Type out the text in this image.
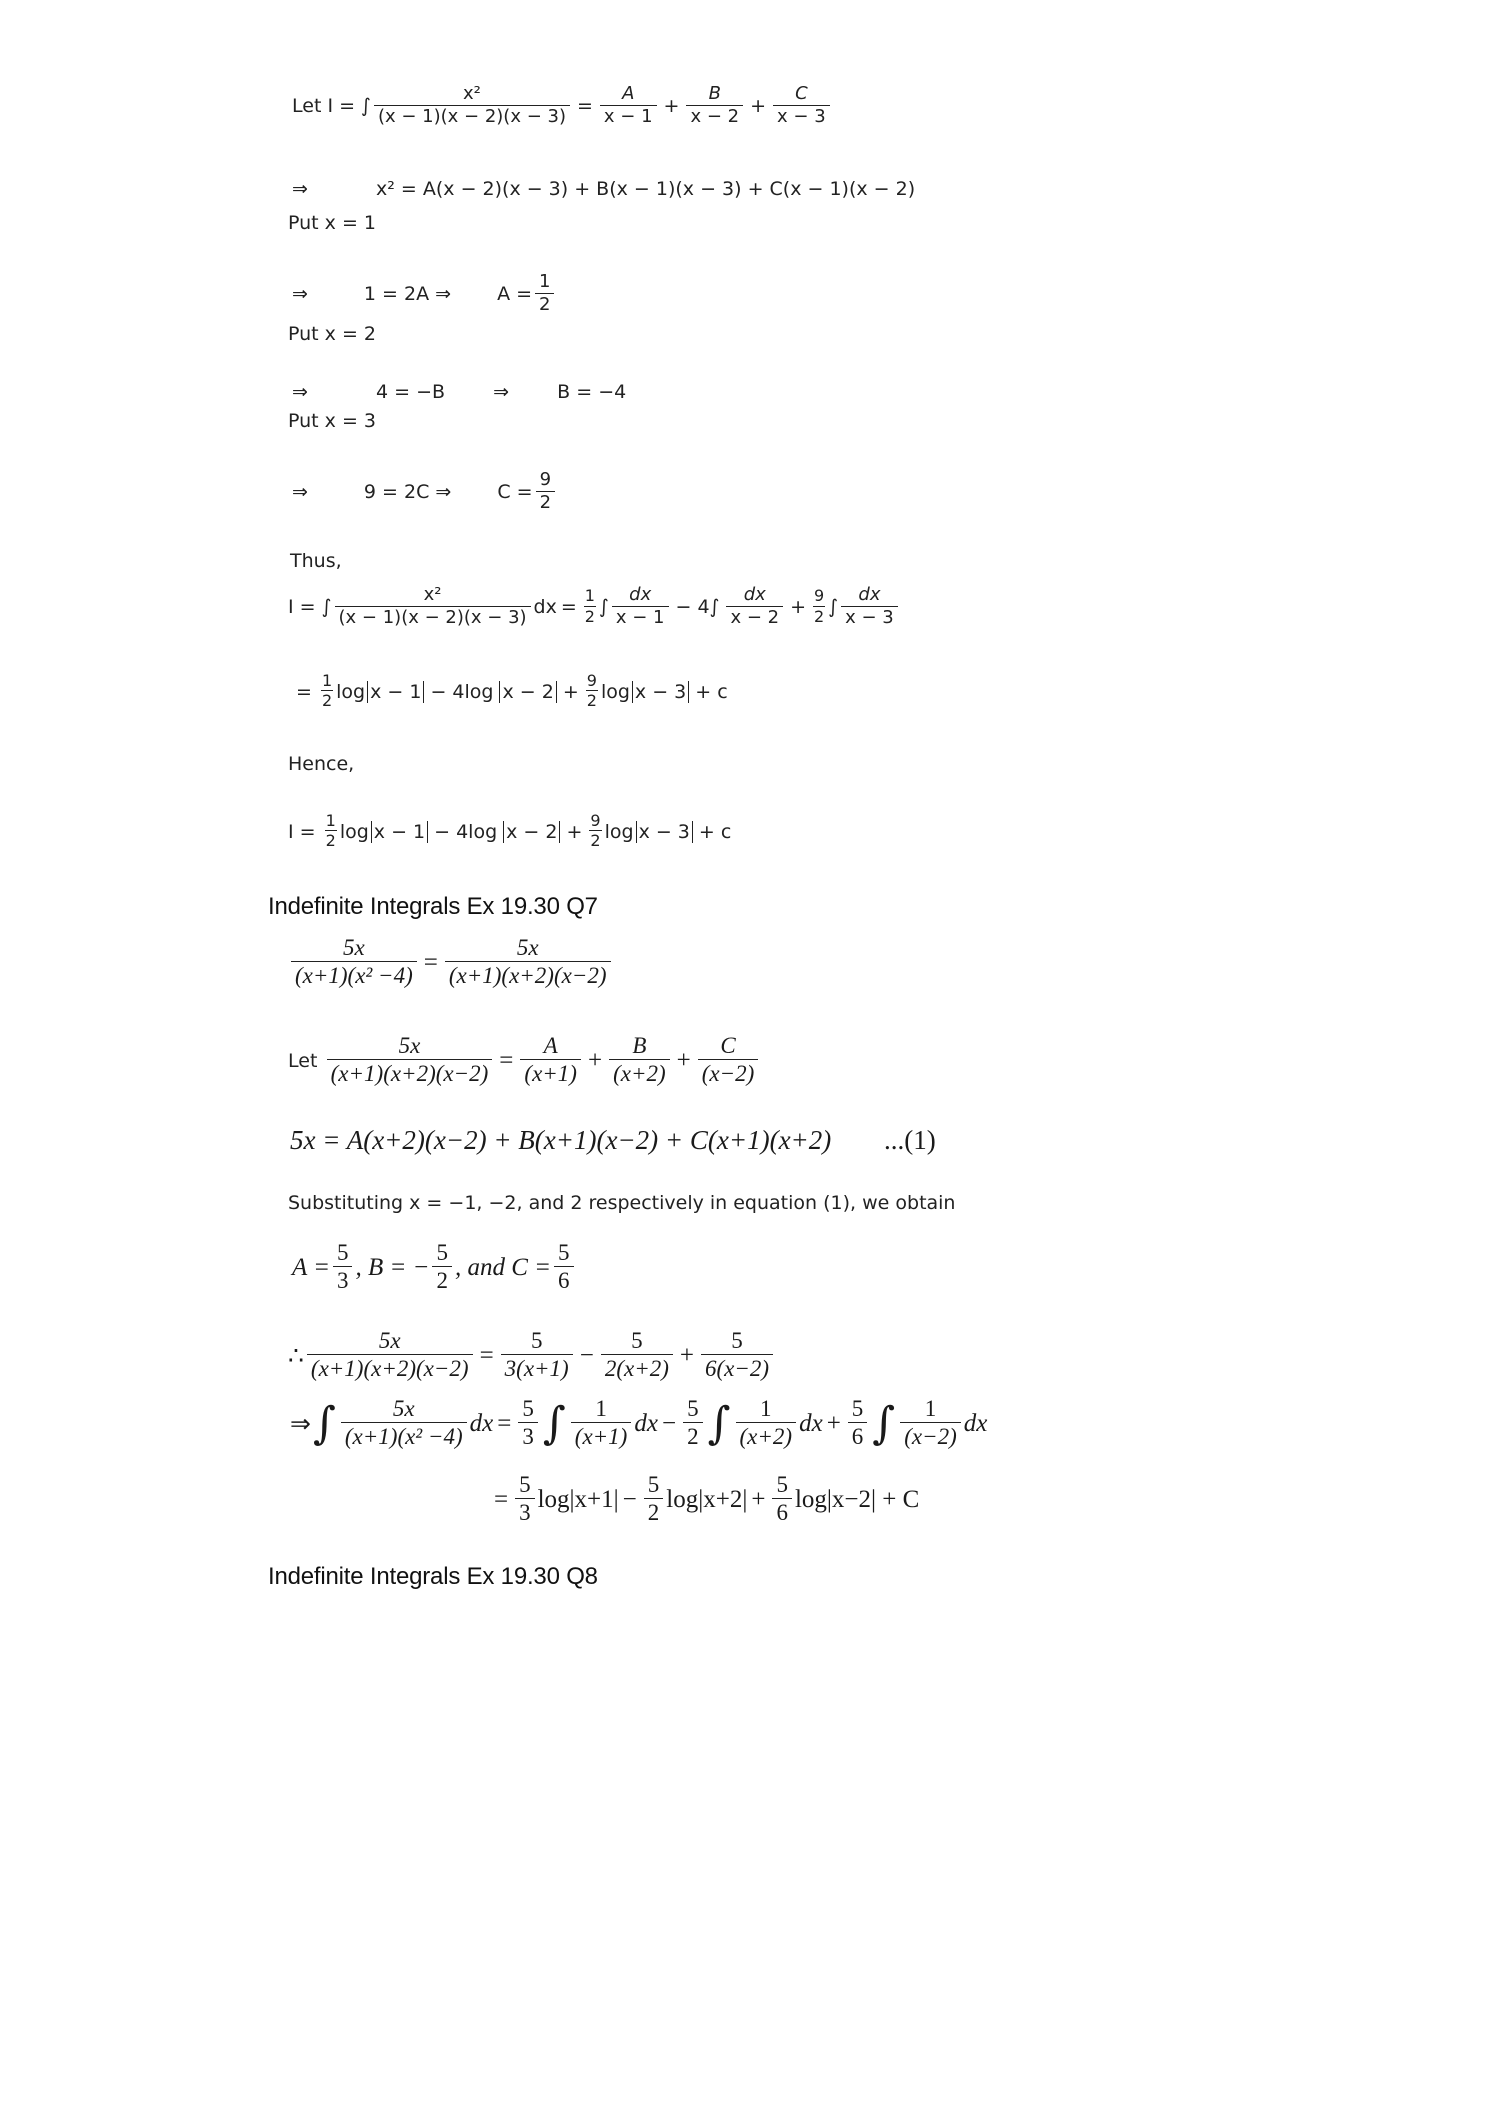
Let
I = ∫ $\frac{\text{x²}}{(x - 1)(x - 2)(x - 3)} = \frac{A}{x - 1} + \frac{B}{x - 2} + \frac{C}{x - 3}$
⇒	x² = A(x − 2)(x − 3) + B(x − 1)(x − 3) + C(x − 1)(x − 2)
Put x = 1
⇒	1 = 2A ⇒ $A = \frac{1}{2}$
Put x = 2
⇒	4 = −B	⇒	B = −4
Put x = 3
⇒	9 = 2C ⇒ $C = \frac{9}{2}$
Thus,
I = ∫ $\frac{\text{x²}}{(x - 1)(x - 2)(x - 3)}$ dx = $\frac{1}{2}$ ∫
dx
x − 1 − 4∫
dx
$x - 2 + \frac{9}{2}$ ∫
dx
x − 3
=
$\frac{1}{2}$ log x − 1 − 4log $x - 2 + \frac{9}{2}$ log x − 3 + c
Hence,
I =
$\frac{1}{2}$ log x − 1 − 4log $x - 2 + \frac{9}{2}$ log x − 3 + c
Indefinite Integrals Ex 19.30 Q7
$\frac{5x}{\text{(x+1)(x² −4)}} = \frac{5x}{(x+1)(x+2)(x-2)}$
Let
$\frac{5x}{(x+1)(x+2)(x-2)} = \frac{A}{(x+1)} + \frac{B}{(x+2)} + \frac{C}{(x-2)}$
5x = A(x+2)(x−2) + B(x+1)(x−2) + C(x+1)(x+2) ...(1)
Substituting x = −1, −2, and 2 respectively in equation (1), we obtain
$A = \frac{5}{3}$ , B = − $\frac{5}{2}$ , and $C = \frac{5}{6}$
∴ $\frac{5x}{(x+1)(x+2)(x-2)} = \frac{5}{3(x+1)} - \frac{5}{2(x+2)} + \frac{5}{6(x-2)}$
⇒ ∫ 5x
(x+1)(x² −4) dx = $\frac{5}{3}$ ∫ 1
(x+1) dx − $\frac{5}{2}$ ∫ 1
(x+2) dx + $\frac{5}{6}$ ∫ 1
(x−2) dx
= $\frac{5}{3} \log|x+1| - \frac{5}{2} \log|x+2| + \frac{5}{6} \log|x-2| + C$
Indefinite Integrals Ex 19.30 Q8
